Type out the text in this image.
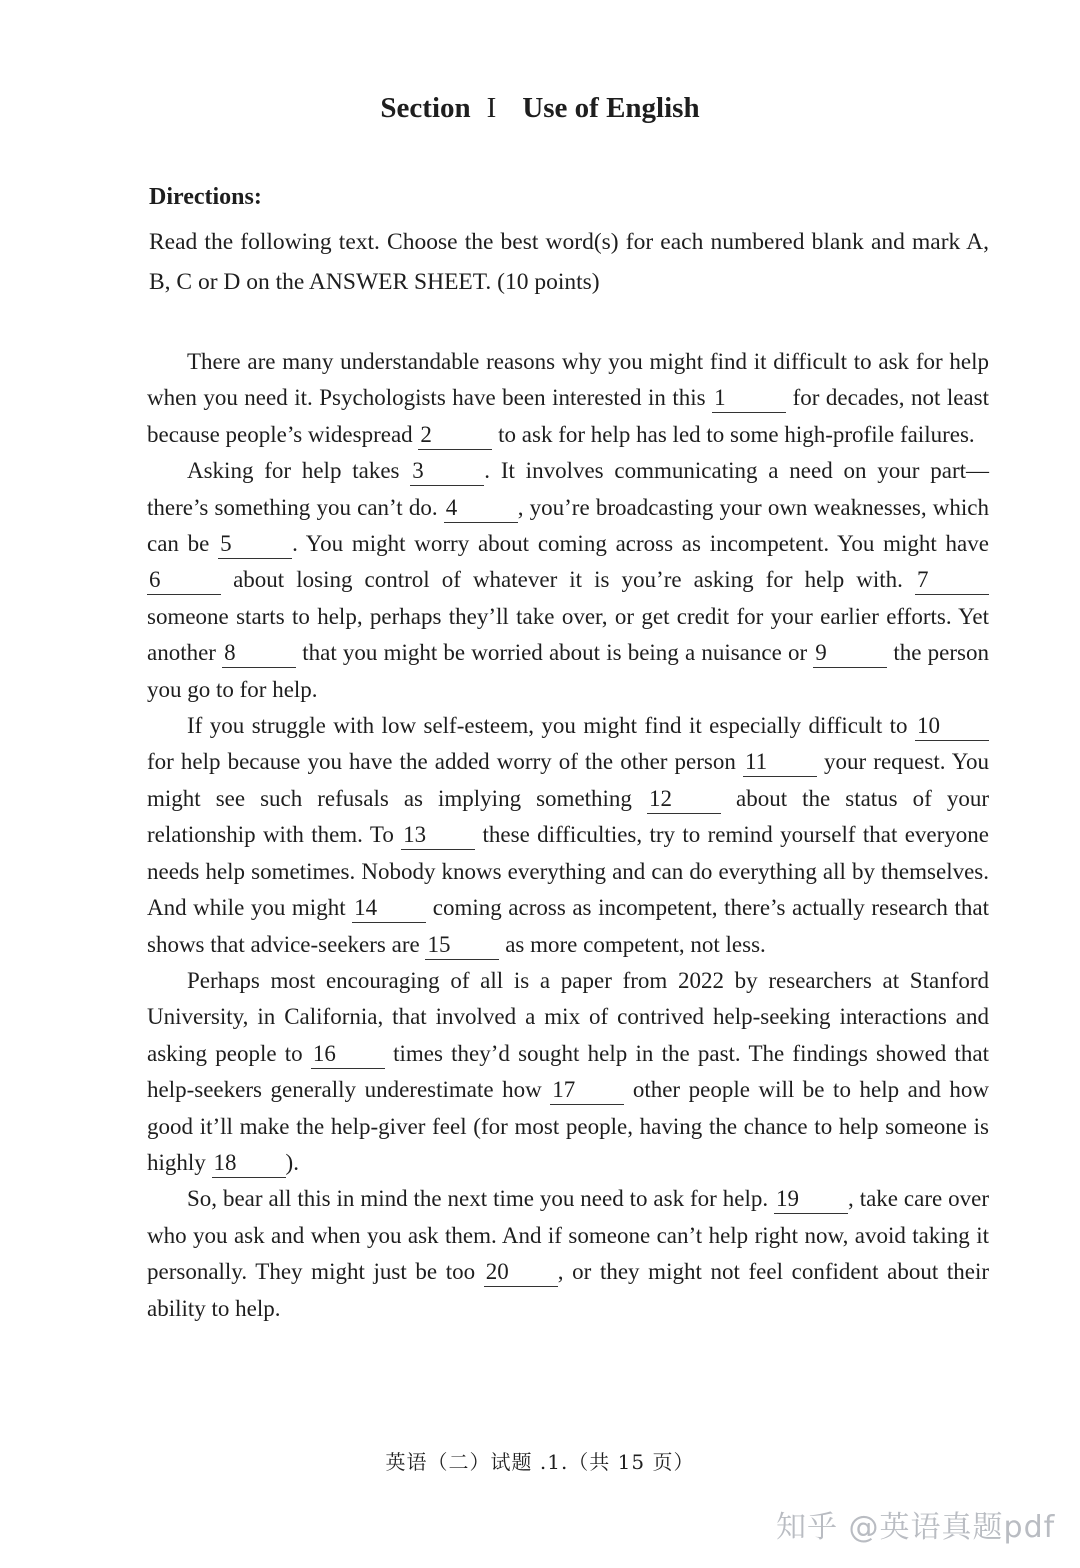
Section I Use of English
Directions:
Read the following text. Choose the best word(s) for each numbered blank and mark A, B, C or D on the ANSWER SHEET. (10 points)

There are many understandable reasons why you might find it difficult to ask for help when you need it. Psychologists have been interested in this 1	for decades, not least because people’s widespread 2	to ask for help has led to some high-profile failures.

Asking for help takes 3	. It involves communicating a need on your part—there’s something you can’t do. 4	, you’re broadcasting your own weaknesses, which can be 5	. You might worry about coming across as incompetent. You might have 6	about losing control of whatever it is you’re asking for help with. 7 someone starts to help, perhaps they’ll take over, or get credit for your earlier efforts. Yet another 8	that you might be worried about is being a nuisance or 9	the person you go to for help.

If you struggle with low self-esteem, you might find it especially difficult to 10 for help because you have the added worry of the other person 11 your request. You might see such refusals as implying something 12 about the status of your relationship with them. To 13 these difficulties, try to remind yourself that everyone needs help sometimes. Nobody knows everything and can do everything all by themselves. And while you might 14 coming across as incompetent, there’s actually research that shows that advice-seekers are 15 as more competent, not less.

Perhaps most encouraging of all is a paper from 2022 by researchers at Stanford University, in California, that involved a mix of contrived help-seeking interactions and asking people to 16 times they’d sought help in the past. The findings showed that help-seekers generally underestimate how 17 other people will be to help and how good it’ll make the help-giver feel (for most people, having the chance to help someone is highly 18 ).

So, bear all this in mind the next time you need to ask for help. 19 , take care over who you ask and when you ask them. And if someone can’t help right now, avoid taking it personally. They might just be too 20 , or they might not feel confident about their ability to help.

英语（二）试题 .1.（共 15 页）
知乎 @英语真题pdf
